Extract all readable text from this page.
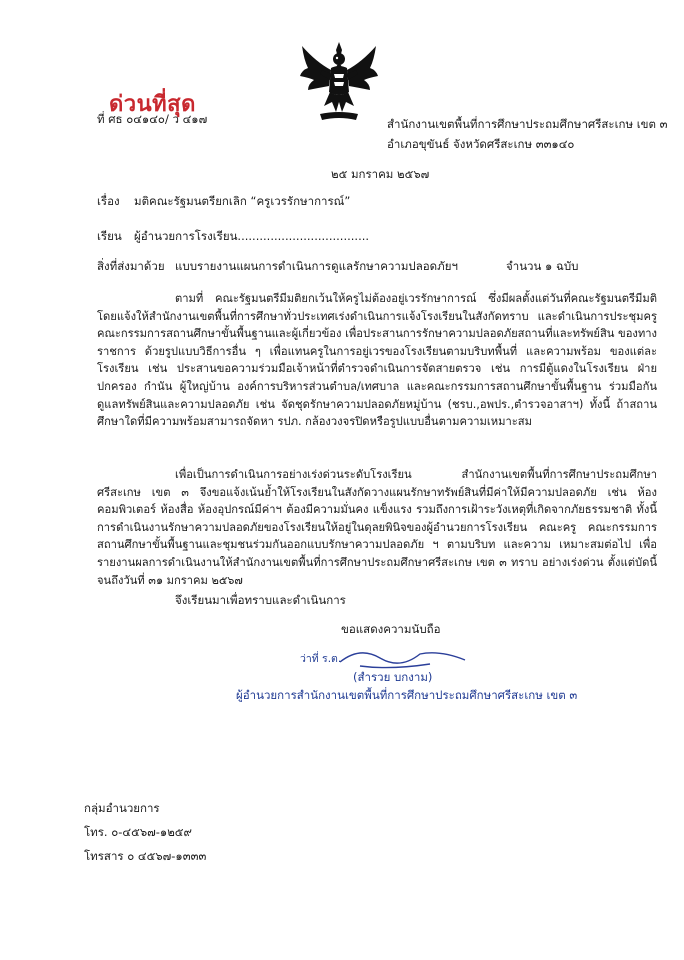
ด่วนที่สุด
ที่ ศธ ๐๔๑๔๐/ ว ๔๑๗	สำนักงานเขตพื้นที่การศึกษาประถมศึกษาศรีสะเกษ เขต ๓
อำเภอขุขันธ์ จังหวัดศรีสะเกษ ๓๓๑๔๐
๒๕ มกราคม ๒๕๖๗
เรื่อง มติคณะรัฐมนตรียกเลิก “ครูเวรรักษาการณ์”
เรียน ผู้อำนวยการโรงเรียน....................................
สิ่งที่ส่งมาด้วย แบบรายงานแผนการดำเนินการดูแลรักษาความปลอดภัยฯ	จำนวน ๑ ฉบับ

ตามที่ คณะรัฐมนตรีมีมติยกเว้นให้ครูไม่ต้องอยู่เวรรักษาการณ์ ซึ่งมีผลตั้งแต่วันที่คณะรัฐมนตรีมีมติ โดยแจ้งให้สำนักงานเขตพื้นที่การศึกษาทั่วประเทศเร่งดำเนินการแจ้งโรงเรียนในสังกัดทราบ และดำเนินการประชุมครู คณะกรรมการสถานศึกษาขั้นพื้นฐานและผู้เกี่ยวข้อง เพื่อประสานการรักษาความปลอดภัยสถานที่และทรัพย์สิน ของทางราชการ ด้วยรูปแบบวิธีการอื่น ๆ เพื่อแทนครูในการอยู่เวรของโรงเรียนตามบริบทพื้นที่ และความพร้อม ของแต่ละโรงเรียน เช่น ประสานขอความร่วมมือเจ้าหน้าที่ตำรวจดำเนินการจัดสายตรวจ เช่น การมีตู้แดงในโรงเรียน ฝ่ายปกครอง กำนัน ผู้ใหญ่บ้าน องค์การบริหารส่วนตำบล/เทศบาล และคณะกรรมการสถานศึกษาขั้นพื้นฐาน ร่วมมือกันดูแลทรัพย์สินและความปลอดภัย เช่น จัดชุดรักษาความปลอดภัยหมู่บ้าน (ชรบ.,อพปร.,ตำรวจอาสาฯ) ทั้งนี้ ถ้าสถานศึกษาใดที่มีความพร้อมสามารถจัดหา รปภ. กล้องวงจรปิดหรือรูปแบบอื่นตามความเหมาะสม

เพื่อเป็นการดำเนินการอย่างเร่งด่วนระดับโรงเรียน สำนักงานเขตพื้นที่การศึกษาประถมศึกษา ศรีสะเกษ เขต ๓ จึงขอแจ้งเน้นย้ำให้โรงเรียนในสังกัดวางแผนรักษาทรัพย์สินที่มีค่าให้มีความปลอดภัย เช่น ห้อง คอมพิวเตอร์ ห้องสื่อ ห้องอุปกรณ์มีค่าฯ ต้องมีความมั่นคง แข็งแรง รวมถึงการเฝ้าระวังเหตุที่เกิดจากภัยธรรมชาติ ทั้งนี้ การดำเนินงานรักษาความปลอดภัยของโรงเรียนให้อยู่ในดุลยพินิจของผู้อำนวยการโรงเรียน คณะครู คณะกรรมการสถานศึกษาขั้นพื้นฐานและชุมชนร่วมกันออกแบบรักษาความปลอดภัย ฯ ตามบริบท และความ เหมาะสมต่อไป เพื่อรายงานผลการดำเนินงานให้สำนักงานเขตพื้นที่การศึกษาประถมศึกษาศรีสะเกษ เขต ๓ ทราบ อย่างเร่งด่วน ตั้งแต่บัดนี้ จนถึงวันที่ ๓๑ มกราคม ๒๕๖๗

จึงเรียนมาเพื่อทราบและดำเนินการ
ขอแสดงความนับถือ
ว่าที่ ร.ต.
(สำรวย บกงาม)
ผู้อำนวยการสำนักงานเขตพื้นที่การศึกษาประถมศึกษาศรีสะเกษ เขต ๓
กลุ่มอำนวยการ
โทร. ๐-๔๕๖๗-๑๒๕๙
โทรสาร ๐ ๔๕๖๗-๑๓๓๓
